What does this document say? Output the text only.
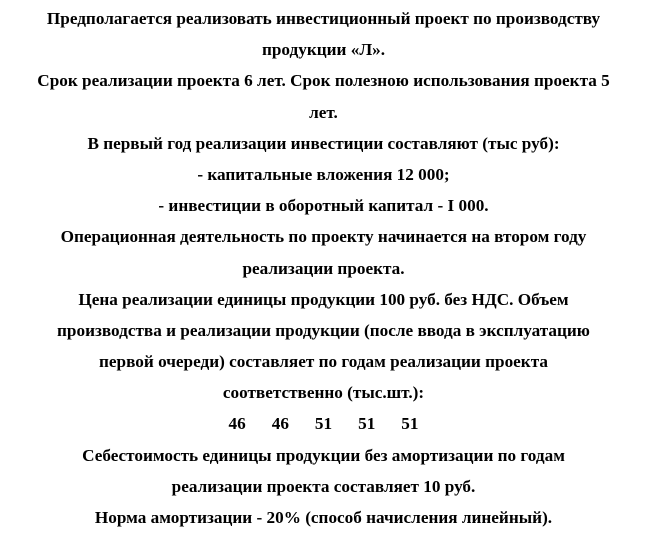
Предполагается реализовать инвестиционный проект по производству
продукции «Л».
Срок реализации проекта 6 лет. Срок полезною использования проекта 5
лет.
В первый год реализации инвестиции составляют (тыс руб):
- капитальные вложения 12 000;
- инвестиции в оборотный капитал - I 000.
Операционная деятельность по проекту начинается на втором году
реализации проекта.
Цена реализации единицы продукции 100 руб. без НДС. Объем
производства и реализации продукции (после ввода в эксплуатацию
первой очереди) составляет по годам реализации проекта
соответственно (тыс.шт.):
46 46 51 51 51
Себестоимость единицы продукции без амортизации по годам
реализации проекта составляет 10 руб.
Норма амортизации - 20% (способ начисления линейный).
